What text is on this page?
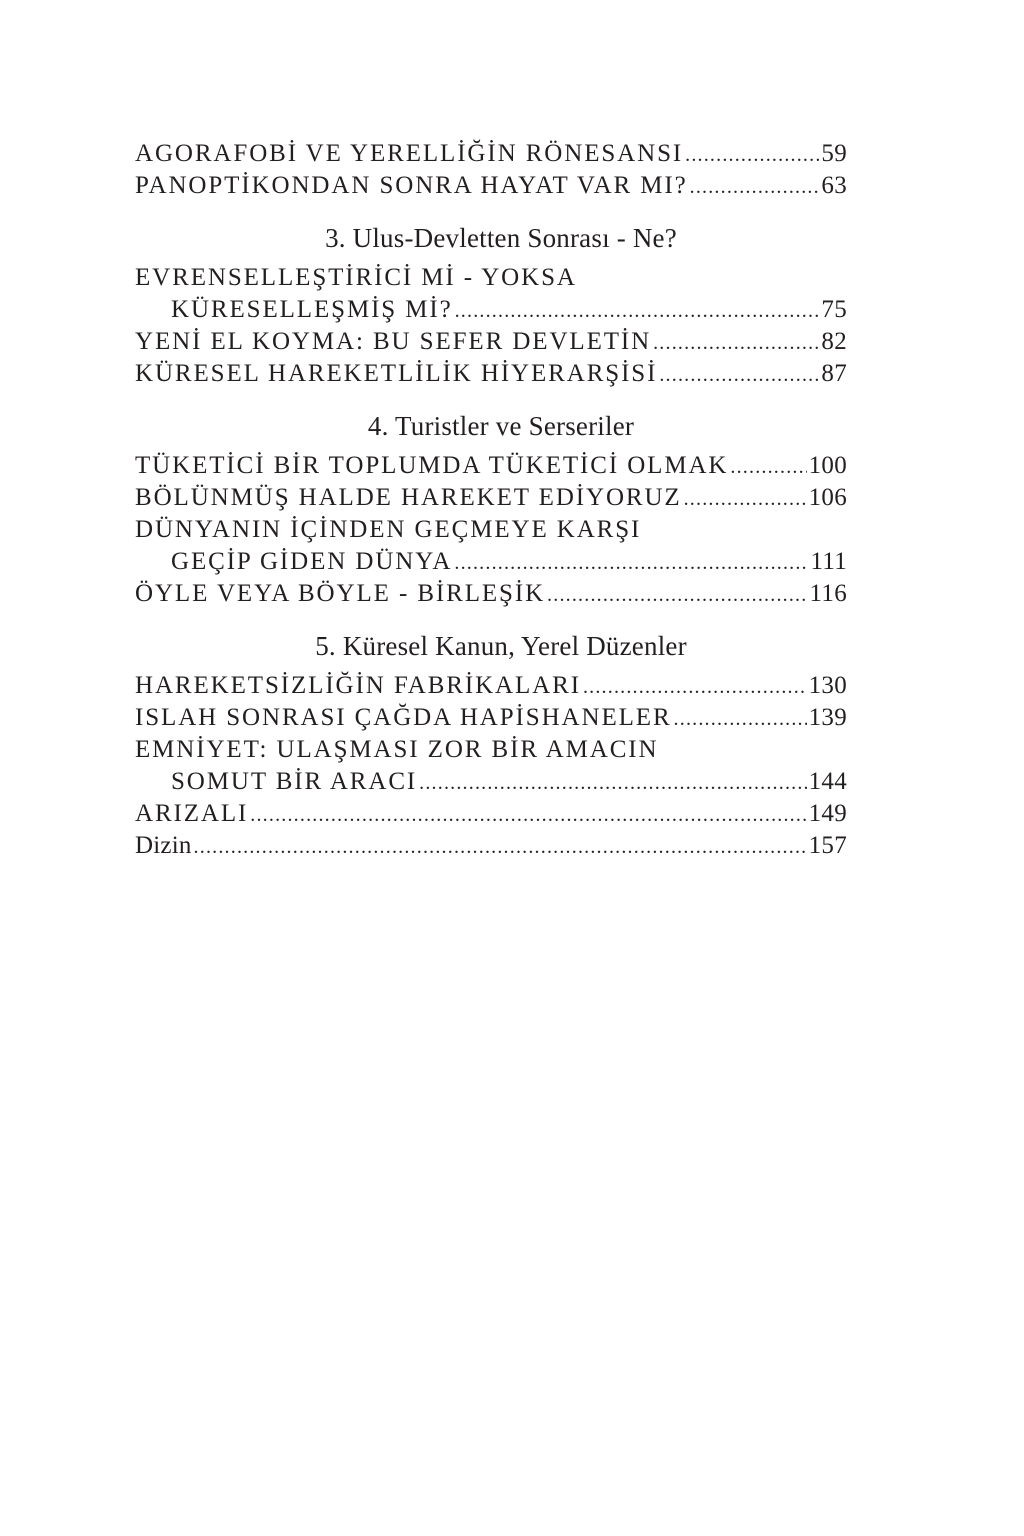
AGORAFOBİ VE YERELLİĞİN RÖNESANSI .....	59
PANOPTİKONDAN SONRA HAYAT VAR MI? .....	63
3. Ulus-Devletten Sonrası - Ne?
EVRENSELLEŞTİRİCİ Mİ - YOKSA
KÜRESELLEŞMİŞ Mİ? .....	75
YENİ EL KOYMA: BU SEFER DEVLETİN .....	82
KÜRESEL HAREKETLİLİK HİYERARŞİSİ .....	87
4. Turistler ve Serseriler
TÜKETİCİ BİR TOPLUMDA TÜKETİCİ OLMAK .....	100
BÖLÜNMÜŞ HALDE HAREKET EDİYORUZ .....	106
DÜNYANIN İÇİNDEN GEÇMEYE KARŞI
GEÇİP GİDEN DÜNYA .....	111
ÖYLE VEYA BÖYLE - BİRLEŞİK .....	116
5. Küresel Kanun, Yerel Düzenler
HAREKETSİZLİĞİN FABRİKALARI .....	130
ISLAH SONRASI ÇAĞDA HAPİSHANELER .....	139
EMNİYET: ULAŞMASI ZOR BİR AMACIN
SOMUT BİR ARACI .....	144
ARIZALI .....	149
Dizin .....	157
